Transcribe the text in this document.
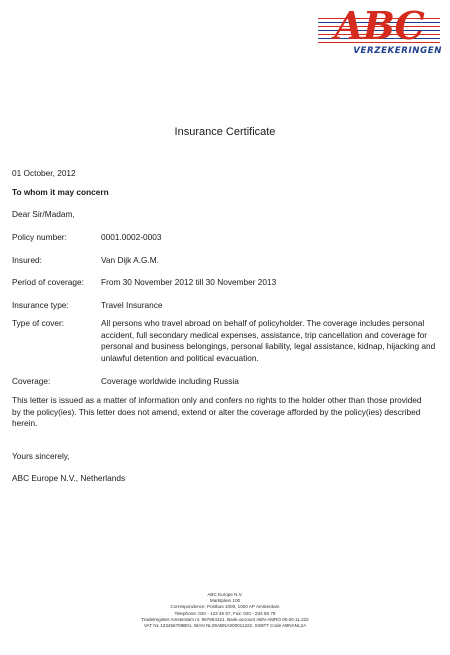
ABC
VERZEKERINGEN
Insurance Certificate
01 October, 2012
To whom it may concern
Dear Sir/Madam,
Policy number:	0001.0002-0003
Insured:	Van Dijk A.G.M.
Period of coverage: From 30 November 2012 till 30 November 2013
Insurance type:	Travel Insurance
Type of cover:	All persons who travel abroad on behalf of policyholder. The coverage includes personal accident, full secondary medical expenses, assistance, trip cancellation and coverage for personal and business belongings, personal liability, legal assistance, kidnap, hijacking and unlawful detention and political evacuation.
Coverage:	Coverage worldwide including Russia
This letter is issued as a matter of information only and confers no rights to the holder other than those provided by the policy(ies). This letter does not amend, extend or alter the coverage afforded by the policy(ies) described herein.
Yours sincerely,
ABC Europe N.V., Netherlands
ABC Europe N.V.
Marktplein 100
Correspondence: Postbus 1000, 1000 AP Amsterdam
Telephone: 020 - 123 45 67, Fax: 020 - 234 56 78
Tradelregister Amsterdam nr. 987654321. Bank-account ABN-AMRO 00.00.11.222
VAT NL 123456789B01, IBAN NL09ABNA000011222, SWIFT Code ABNANL2A
